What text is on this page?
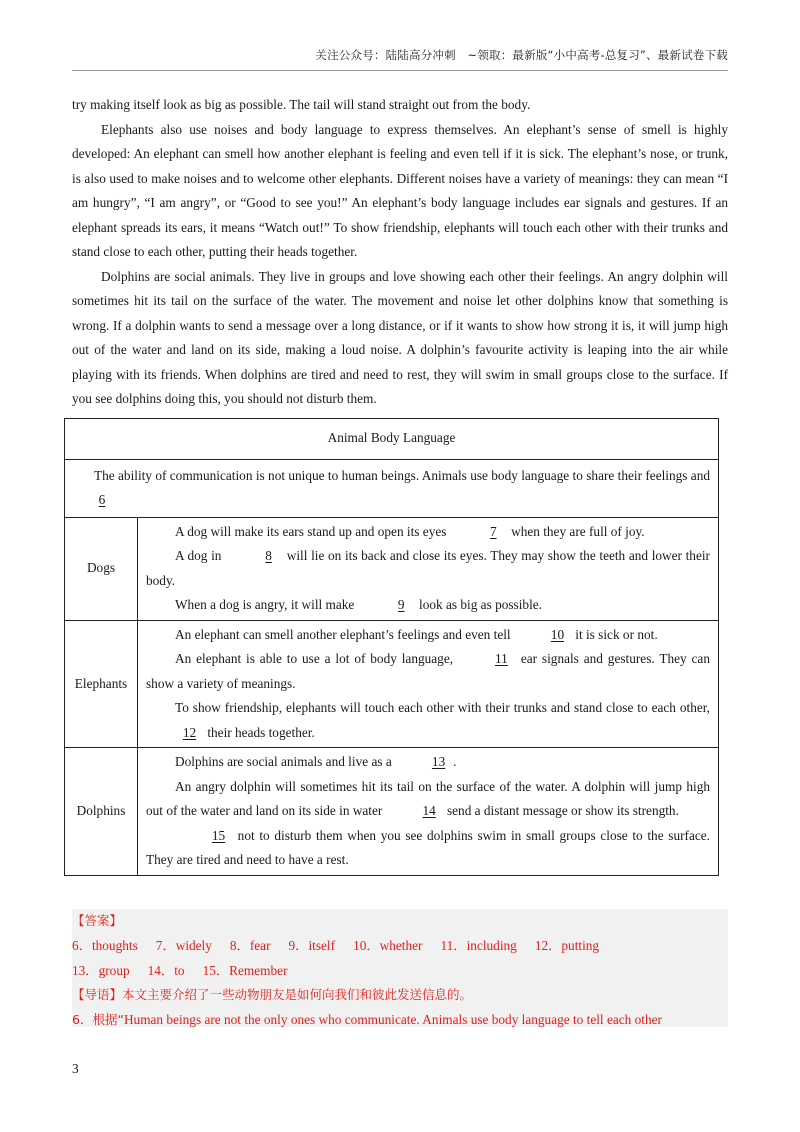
关注公众号：陆陆高分冲刺　~领取：最新版“小中高考-总复习”、最新试卷下载

try making itself look as big as possible. The tail will stand straight out from the body.

Elephants also use noises and body language to express themselves. An elephant’s sense of smell is highly developed: An elephant can smell how another elephant is feeling and even tell if it is sick. The elephant’s nose, or trunk, is also used to make noises and to welcome other elephants. Different noises have a variety of meanings: they can mean “I am hungry”, “I am angry”, or “Good to see you!” An elephant’s body language includes ear signals and gestures. If an elephant spreads its ears, it means “Watch out!” To show friendship, elephants will touch each other with their trunks and stand close to each other, putting their heads together.

Dolphins are social animals. They live in groups and love showing each other their feelings. An angry dolphin will sometimes hit its tail on the surface of the water. The movement and noise let other dolphins know that something is wrong. If a dolphin wants to send a message over a long distance, or if it wants to show how strong it is, it will jump high out of the water and land on its side, making a loud noise. A dolphin’s favourite activity is leaping into the air while playing with its friends. When dolphins are tired and need to rest, they will swim in small groups close to the surface. If you see dolphins doing this, you should not disturb them.

Animal Body Language	
The ability of communication is not unique to human beings. Animals use body language to share their feelings and 6	
Dogs	A dog will make its ears stand up and open its eyes 7 when they are full of joy.

A dog in 8 will lie on its back and close its eyes. They may show the teeth and lower their body.

When a dog is angry, it will make 9 look as big as possible.

Elephants	An elephant can smell another elephant’s feelings and even tell 10 it is sick or not.

An elephant is able to use a lot of body language, 11 ear signals and gestures. They can show a variety of meanings.

To show friendship, elephants will touch each other with their trunks and stand close to each other, 12 their heads together.

Dolphins	Dolphins are social animals and live as a 13 .

An angry dolphin will sometimes hit its tail on the surface of the water. A dolphin will jump high out of the water and land on its side in water 14 send a distant message or show its strength.

15 not to disturb them when you see dolphins swim in small groups close to the surface. They are tired and need to have a rest.

【答案】
6．thoughts 7．widely 8．fear 9．itself 10．whether 11．including 12．putting
13．group 14．to 15．Remember
【导语】本文主要介绍了一些动物朋友是如何向我们和彼此发送信息的。
6．根据“Human beings are not the only ones who communicate. Animals use body language to tell each other
3
